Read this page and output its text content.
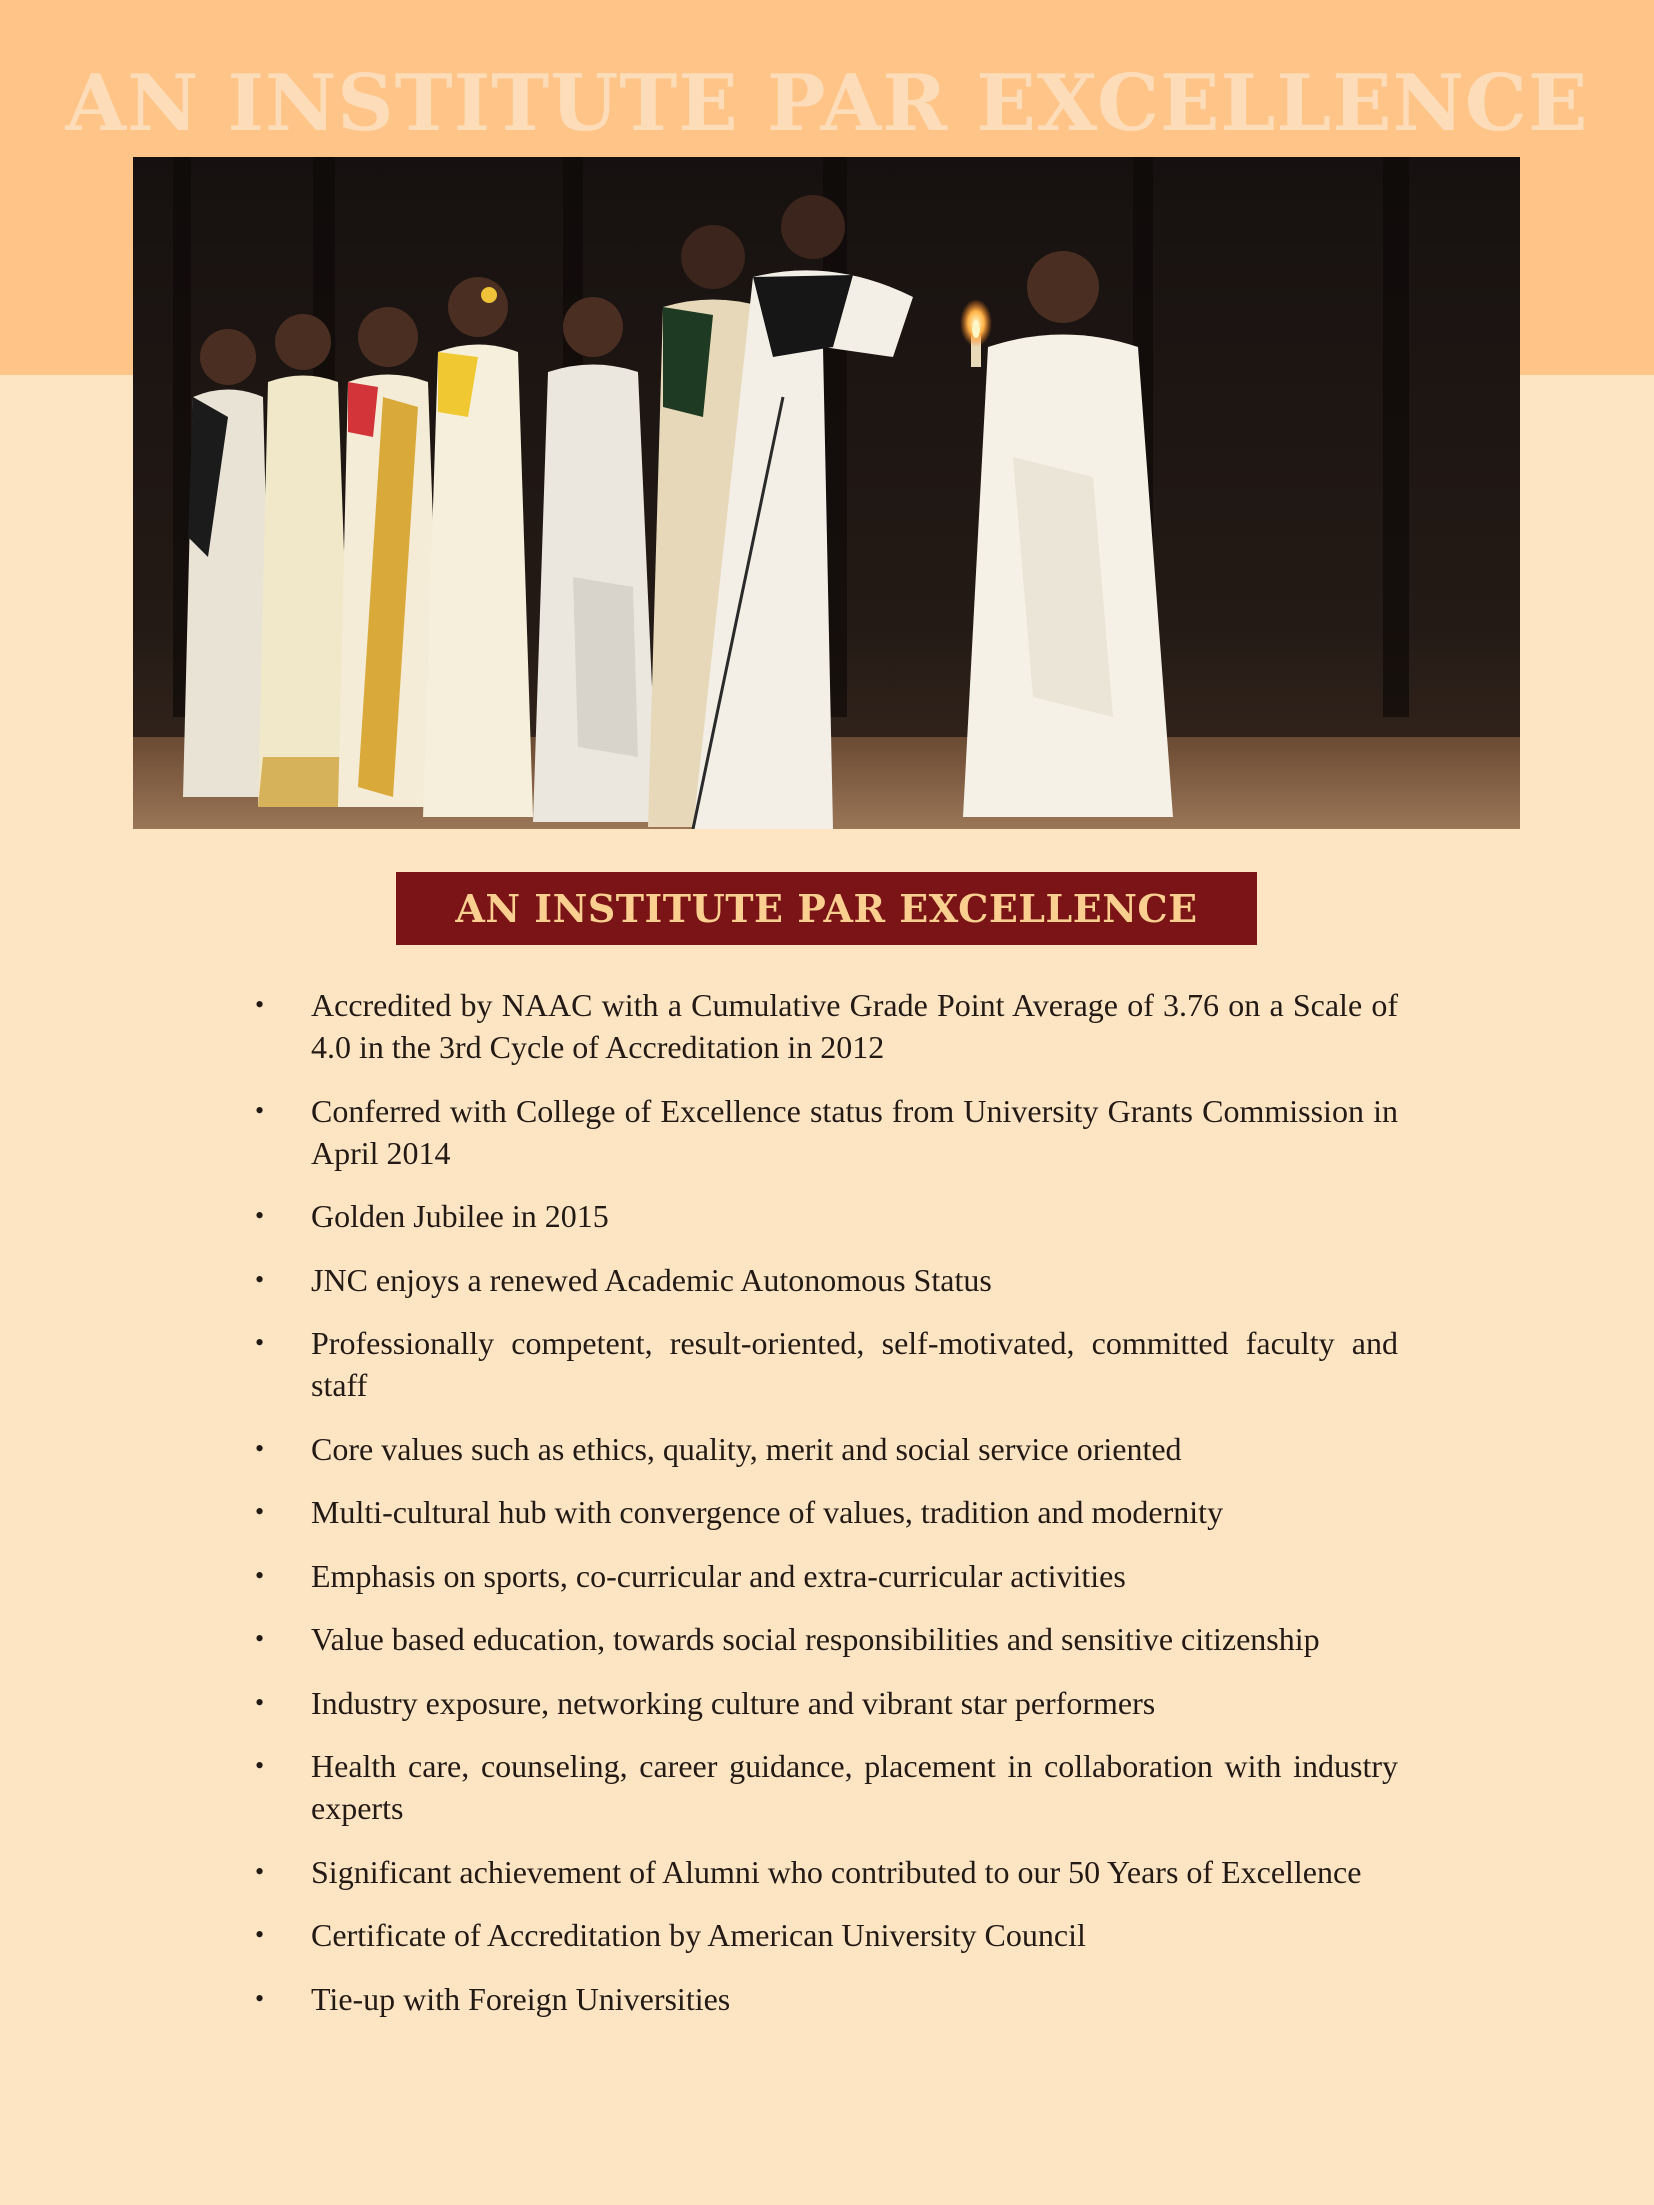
AN INSTITUTE PAR EXCELLENCE
AN INSTITUTE PAR EXCELLENCE
• Accredited by NAAC with a Cumulative Grade Point Average of 3.76 on a Scale of 4.0 in the 3rd Cycle of Accreditation in 2012
• Conferred with College of Excellence status from University Grants Commission in April 2014
• Golden Jubilee in 2015
• JNC enjoys a renewed Academic Autonomous Status
• Professionally competent, result-oriented, self-motivated, committed faculty and staff
• Core values such as ethics, quality, merit and social service oriented
• Multi-cultural hub with convergence of values, tradition and modernity
• Emphasis on sports, co-curricular and extra-curricular activities
• Value based education, towards social responsibilities and sensitive citizenship
• Industry exposure, networking culture and vibrant star performers
• Health care, counseling, career guidance, placement in collaboration with industry experts
• Significant achievement of Alumni who contributed to our 50 Years of Excellence
• Certificate of Accreditation by American University Council
• Tie-up with Foreign Universities
